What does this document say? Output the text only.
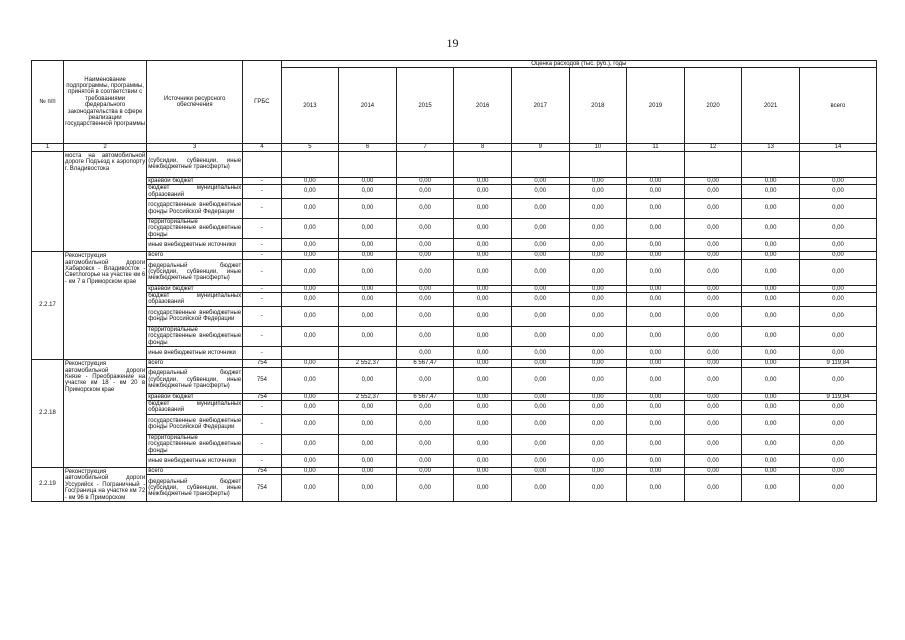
19
№ п/п	Наименование подпрограммы, программы, принятой в соответствии с требованиями федерального законодательства в сфере реализации государственной программы	Источники ресурсного обеспечения	ГРБС	Оценка расходов (тыс. руб.), годы									
				2013	2014	2015	2016	2017	2018	2019	2020	2021	всего
1	2	3	4	5	6	7	8	9	10	11	12	13	14
	моста на автомобильной дороге Подъезд к аэропорту г. Владивостока	(субсидии, субвенции, иные межбюджетные трансферты)											
		краевой бюджет	-	0,00	0,00	0,00	0,00	0,00	0,00	0,00	0,00	0,00	0,00
		бюджет муниципальных образований	-	0,00	0,00	0,00	0,00	0,00	0,00	0,00	0,00	0,00	0,00
		государственные внебюджетные фонды Российской Федерации	-	0,00	0,00	0,00	0,00	0,00	0,00	0,00	0,00	0,00	0,00
		территориальные государственные внебюджетные фонды	-	0,00	0,00	0,00	0,00	0,00	0,00	0,00	0,00	0,00	0,00
		иные внебюджетные источники	-	0,00	0,00	0,00	0,00	0,00	0,00	0,00	0,00	0,00	0,00
2.2.17	Реконструкция автомобильной дороги Хабаровск - Владивосток - Светлогорье на участке км 6 - км 7 в Приморском крае	всего	-	0,00	0,00	0,00	0,00	0,00	0,00	0,00	0,00	0,00	0,00
		федеральный бюджет (субсидии, субвенции, иные межбюджетные трансферты)	-	0,00	0,00	0,00	0,00	0,00	0,00	0,00	0,00	0,00	0,00
		краевой бюджет	-	0,00	0,00	0,00	0,00	0,00	0,00	0,00	0,00	0,00	0,00
		бюджет муниципальных образований	-	0,00	0,00	0,00	0,00	0,00	0,00	0,00	0,00	0,00	0,00
		государственные внебюджетные фонды Российской Федерации	-	0,00	0,00	0,00	0,00	0,00	0,00	0,00	0,00	0,00	0,00
		территориальные государственные внебюджетные фонды	-	0,00	0,00	0,00	0,00	0,00	0,00	0,00	0,00	0,00	0,00
		иные внебюджетные источники	-			0,00	0,00	0,00	0,00	0,00	0,00	0,00	0,00
2.2.18	Реконструкция автомобильной дороги Князе - Преображение на участке км 18 - км 20 в Приморском крае	всего	754	0,00	2 552,37	6 567,47	0,00	0,00	0,00	0,00	0,00	0,00	9 119,84
		федеральный бюджет (субсидии, субвенции, иные межбюджетные трансферты)	754	0,00	0,00	0,00	0,00	0,00	0,00	0,00	0,00	0,00	0,00
		краевой бюджет	754	0,00	2 552,37	6 567,47	0,00	0,00	0,00	0,00	0,00	0,00	9 119,84
		бюджет муниципальных образований	-	0,00	0,00	0,00	0,00	0,00	0,00	0,00	0,00	0,00	0,00
		государственные внебюджетные фонды Российской Федерации	-	0,00	0,00	0,00	0,00	0,00	0,00	0,00	0,00	0,00	0,00
		территориальные государственные внебюджетные фонды	-	0,00	0,00	0,00	0,00	0,00	0,00	0,00	0,00	0,00	0,00
		иные внебюджетные источники	-	0,00	0,00	0,00	0,00	0,00	0,00	0,00	0,00	0,00	0,00
2.2.19	Реконструкция автомобильной дороги Уссурийск - Пограничный - Госграница на участке км 72 - км 96 в Приморском	всего	754	0,00	0,00	0,00	0,00	0,00	0,00	0,00	0,00	0,00	0,00
		федеральный бюджет (субсидии, субвенции, иные межбюджетные трансферты)	754	0,00	0,00	0,00	0,00	0,00	0,00	0,00	0,00	0,00	0,00
